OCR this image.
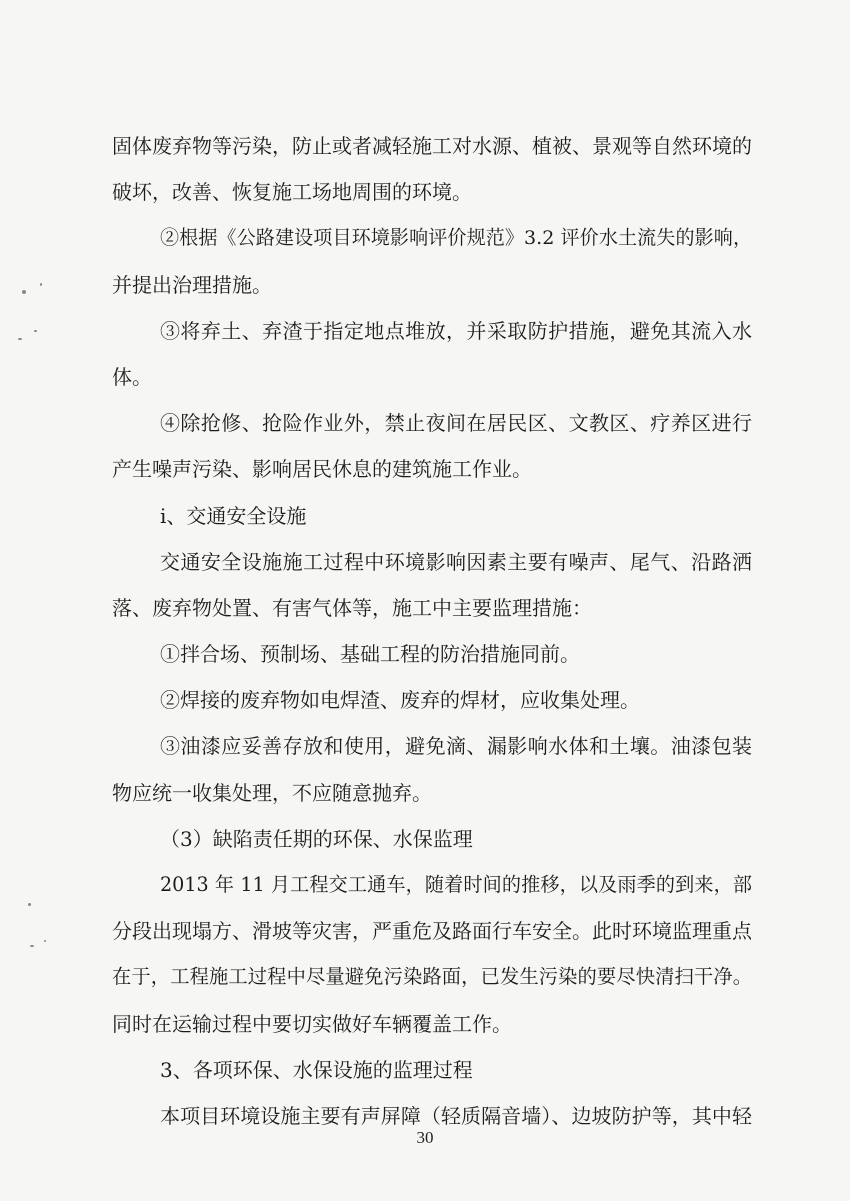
固体废弃物等污染，防止或者减轻施工对水源、植被、景观等自然环境的
破坏，改善、恢复施工场地周围的环境。
②根据《公路建设项目环境影响评价规范》3.2 评价水土流失的影响，
并提出治理措施。
③将弃土、弃渣于指定地点堆放，并采取防护措施，避免其流入水
体。
④除抢修、抢险作业外，禁止夜间在居民区、文教区、疗养区进行
产生噪声污染、影响居民休息的建筑施工作业。
i、交通安全设施
交通安全设施施工过程中环境影响因素主要有噪声、尾气、沿路洒
落、废弃物处置、有害气体等，施工中主要监理措施：
①拌合场、预制场、基础工程的防治措施同前。
②焊接的废弃物如电焊渣、废弃的焊材，应收集处理。
③油漆应妥善存放和使用，避免滴、漏影响水体和土壤。油漆包装
物应统一收集处理，不应随意抛弃。
（3）缺陷责任期的环保、水保监理
2013 年 11 月工程交工通车，随着时间的推移，以及雨季的到来，部
分段出现塌方、滑坡等灾害，严重危及路面行车安全。此时环境监理重点
在于，工程施工过程中尽量避免污染路面，已发生污染的要尽快清扫干净。
同时在运输过程中要切实做好车辆覆盖工作。
3、各项环保、水保设施的监理过程
本项目环境设施主要有声屏障（轻质隔音墙）、边坡防护等，其中轻
30
